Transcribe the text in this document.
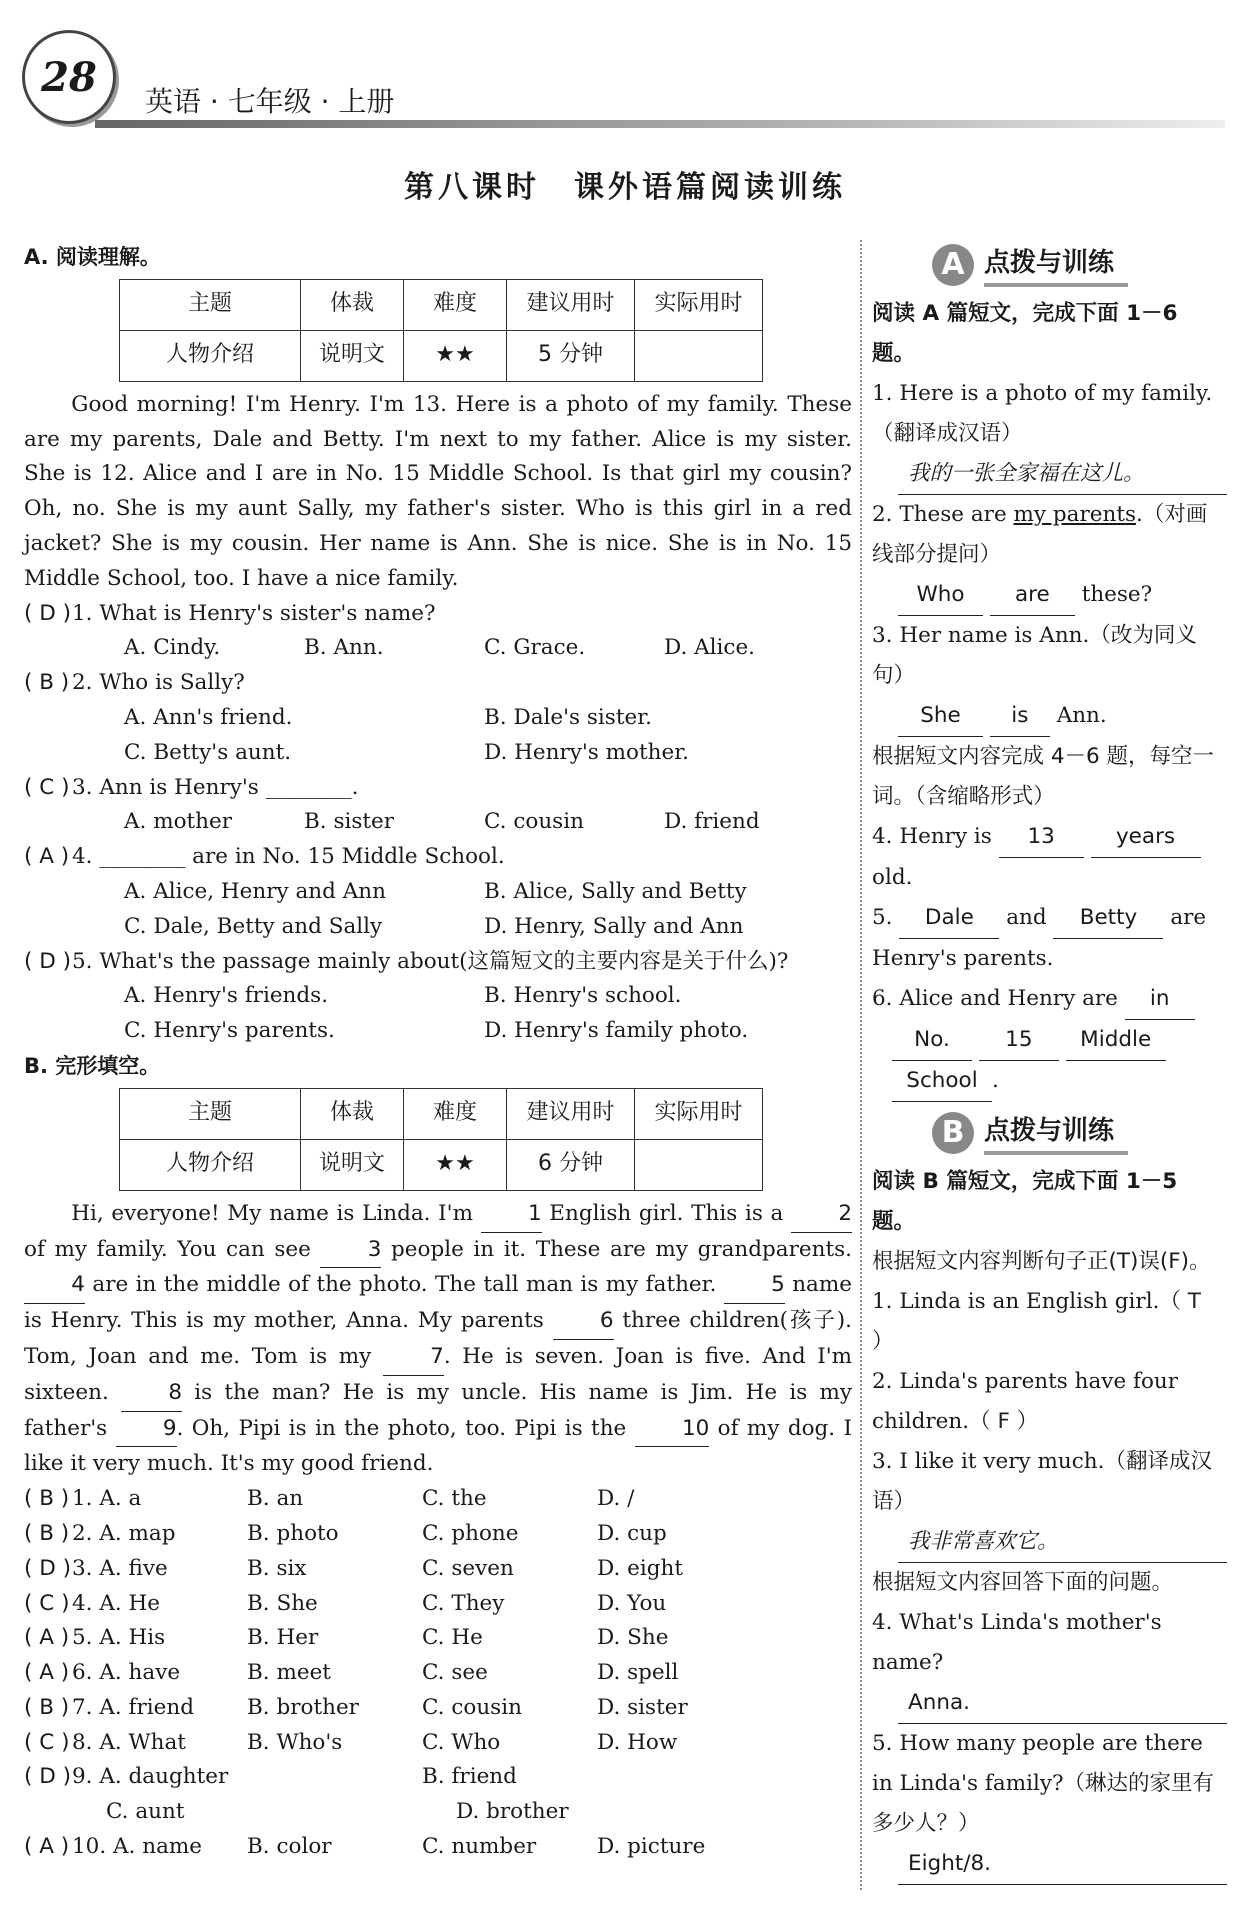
28
英语 · 七年级 · 上册
第八课时　课外语篇阅读训练
A. 阅读理解。
主题	体裁	难度	建议用时	实际用时
人物介绍	说明文	★★	5 分钟	
Good morning! I'm Henry. I'm 13. Here is a photo of my family. These are my parents, Dale and Betty. I'm next to my father. Alice is my sister. She is 12. Alice and I are in No. 15 Middle School. Is that girl my cousin? Oh, no. She is my aunt Sally, my father's sister. Who is this girl in a red jacket? She is my cousin. Her name is Ann. She is nice. She is in No. 15 Middle School, too. I have a nice family.
( D ) 1. What is Henry's sister's name?
A. Cindy.	B. Ann.	C. Grace.	D. Alice.
( B ) 2. Who is Sally?
A. Ann's friend.	B. Dale's sister.
C. Betty's aunt.	D. Henry's mother.
( C ) 3. Ann is Henry's ________.
A. mother	B. sister	C. cousin	D. friend
( A ) 4. ________ are in No. 15 Middle School.
A. Alice, Henry and Ann	B. Alice, Sally and Betty
C. Dale, Betty and Sally	D. Henry, Sally and Ann
( D ) 5. What's the passage mainly about(这篇短文的主要内容是关于什么)?
A. Henry's friends.	B. Henry's school.
C. Henry's parents.	D. Henry's family photo.
B. 完形填空。
主题	体裁	难度	建议用时	实际用时
人物介绍	说明文	★★	6 分钟	
Hi, everyone! My name is Linda. I'm 1 English girl. This is a 2 of my family. You can see 3 people in it. These are my grandparents. 4 are in the middle of the photo. The tall man is my father. 5 name is Henry. This is my mother, Anna. My parents 6 three children(孩子). Tom, Joan and me. Tom is my 7. He is seven. Joan is five. And I'm sixteen. 8 is the man? He is my uncle. His name is Jim. He is my father's 9. Oh, Pipi is in the photo, too. Pipi is the 10 of my dog. I like it very much. It's my good friend.
( B ) 1. A. a	B. an	C. the	D. /
( B ) 2. A. map	B. photo	C. phone	D. cup
( D ) 3. A. five	B. six	C. seven	D. eight
( C ) 4. A. He	B. She	C. They	D. You
( A ) 5. A. His	B. Her	C. He	D. She
( A ) 6. A. have	B. meet	C. see	D. spell
( B ) 7. A. friend	B. brother	C. cousin	D. sister
( C ) 8. A. What	B. Who's	C. Who	D. How
( D ) 9. A. daughter	B. friend
C. aunt	D. brother
( A ) 10. A. name	B. color	C. number	D. picture
A 点拨与训练
阅读 A 篇短文，完成下面 1－6 题。
1. Here is a photo of my family.（翻译成汉语）
我的一张全家福在这儿。
2. These are my parents.（对画线部分提问）
Who are these?
3. Her name is Ann.（改为同义句）
She is Ann.
根据短文内容完成 4－6 题，每空一词。（含缩略形式）
4. Henry is 13	years old.
5. Dale and Betty are Henry's parents.
6. Alice and Henry are in No.	15 Middle School .
B 点拨与训练
阅读 B 篇短文，完成下面 1－5 题。
根据短文内容判断句子正(T)误(F)。
1. Linda is an English girl.（ T ）
2. Linda's parents have four children.（ F ）
3. I like it very much.（翻译成汉语）
我非常喜欢它。
根据短文内容回答下面的问题。
4. What's Linda's mother's name?
Anna.
5. How many people are there in Linda's family?（琳达的家里有多少人？）
Eight/8.
